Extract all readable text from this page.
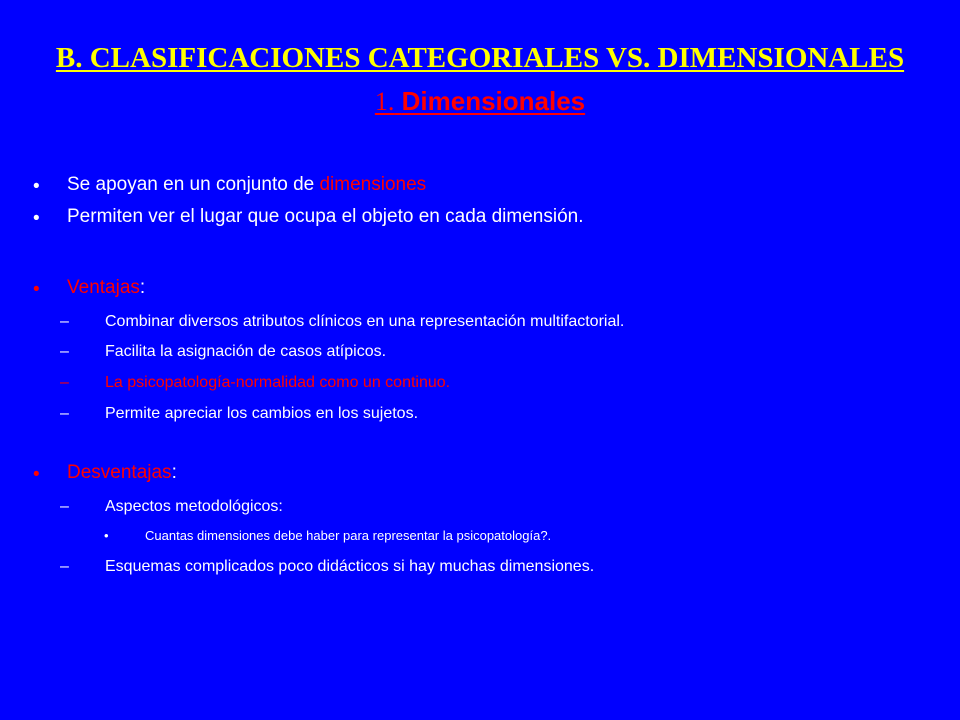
B. CLASIFICACIONES CATEGORIALES VS. DIMENSIONALES
1. Dimensionales
• Se apoyan en un conjunto de dimensiones
• Permiten ver el lugar que ocupa el objeto en cada dimensión.
• Ventajas:
– Combinar diversos atributos clínicos en una representación multifactorial.
– Facilita la asignación de casos atípicos.
– La psicopatología-normalidad como un continuo.
– Permite apreciar los cambios en los sujetos.
• Desventajas:
– Aspectos metodológicos:
•	Cuantas dimensiones debe haber para representar la psicopatología?.
– Esquemas complicados poco didácticos si hay muchas dimensiones.
